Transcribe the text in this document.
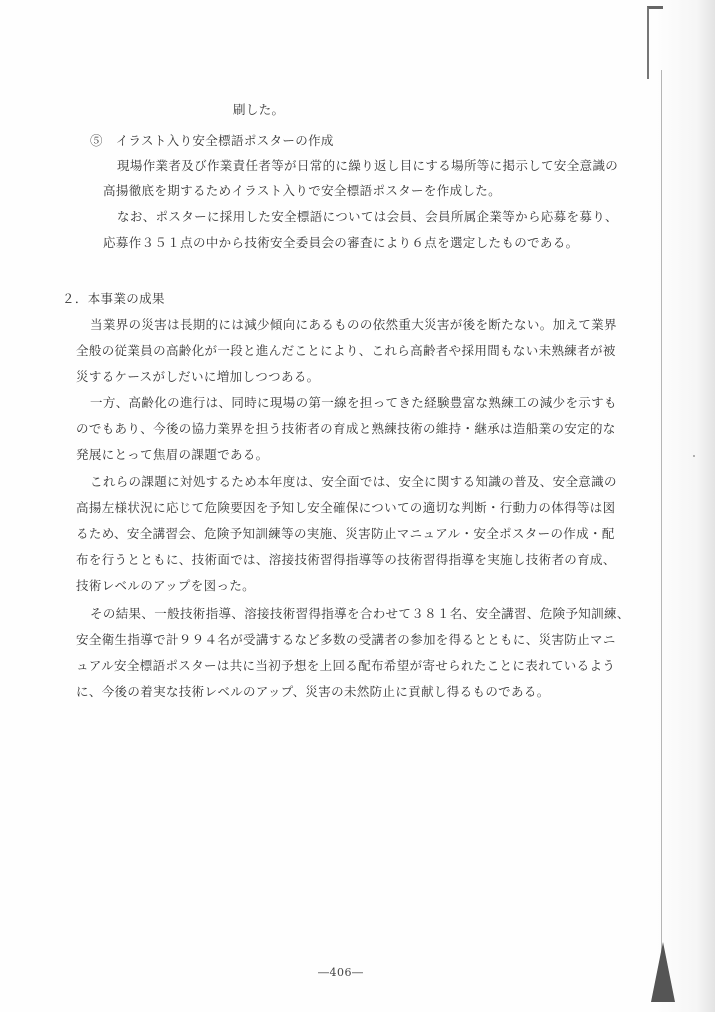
刷した。
⑤　イラスト入り安全標語ポスターの作成
現場作業者及び作業責任者等が日常的に繰り返し目にする場所等に掲示して安全意識の
高揚徹底を期するためイラスト入りで安全標語ポスターを作成した。
なお、ポスターに採用した安全標語については会員、会員所属企業等から応募を募り、
応募作３５１点の中から技術安全委員会の審査により６点を選定したものである。
２．本事業の成果
当業界の災害は長期的には減少傾向にあるものの依然重大災害が後を断たない。加えて業界
全般の従業員の高齢化が一段と進んだことにより、これら高齢者や採用間もない未熟練者が被
災するケースがしだいに増加しつつある。
一方、高齢化の進行は、同時に現場の第一線を担ってきた経験豊富な熟練工の減少を示すも
のでもあり、今後の協力業界を担う技術者の育成と熟練技術の維持・継承は造船業の安定的な
発展にとって焦眉の課題である。
これらの課題に対処するため本年度は、安全面では、安全に関する知識の普及、安全意識の
高揚左様状況に応じて危険要因を予知し安全確保についての適切な判断・行動力の体得等は図
るため、安全講習会、危険予知訓練等の実施、災害防止マニュアル・安全ポスターの作成・配
布を行うとともに、技術面では、溶接技術習得指導等の技術習得指導を実施し技術者の育成、
技術レベルのアップを図った。
その結果、一般技術指導、溶接技術習得指導を合わせて３８１名、安全講習、危険予知訓練、
安全衛生指導で計９９４名が受講するなど多数の受講者の参加を得るとともに、災害防止マニ
ュアル安全標語ポスターは共に当初予想を上回る配布希望が寄せられたことに表れているよう
に、今後の着実な技術レベルのアップ、災害の未然防止に貢献し得るものである。
―406―
